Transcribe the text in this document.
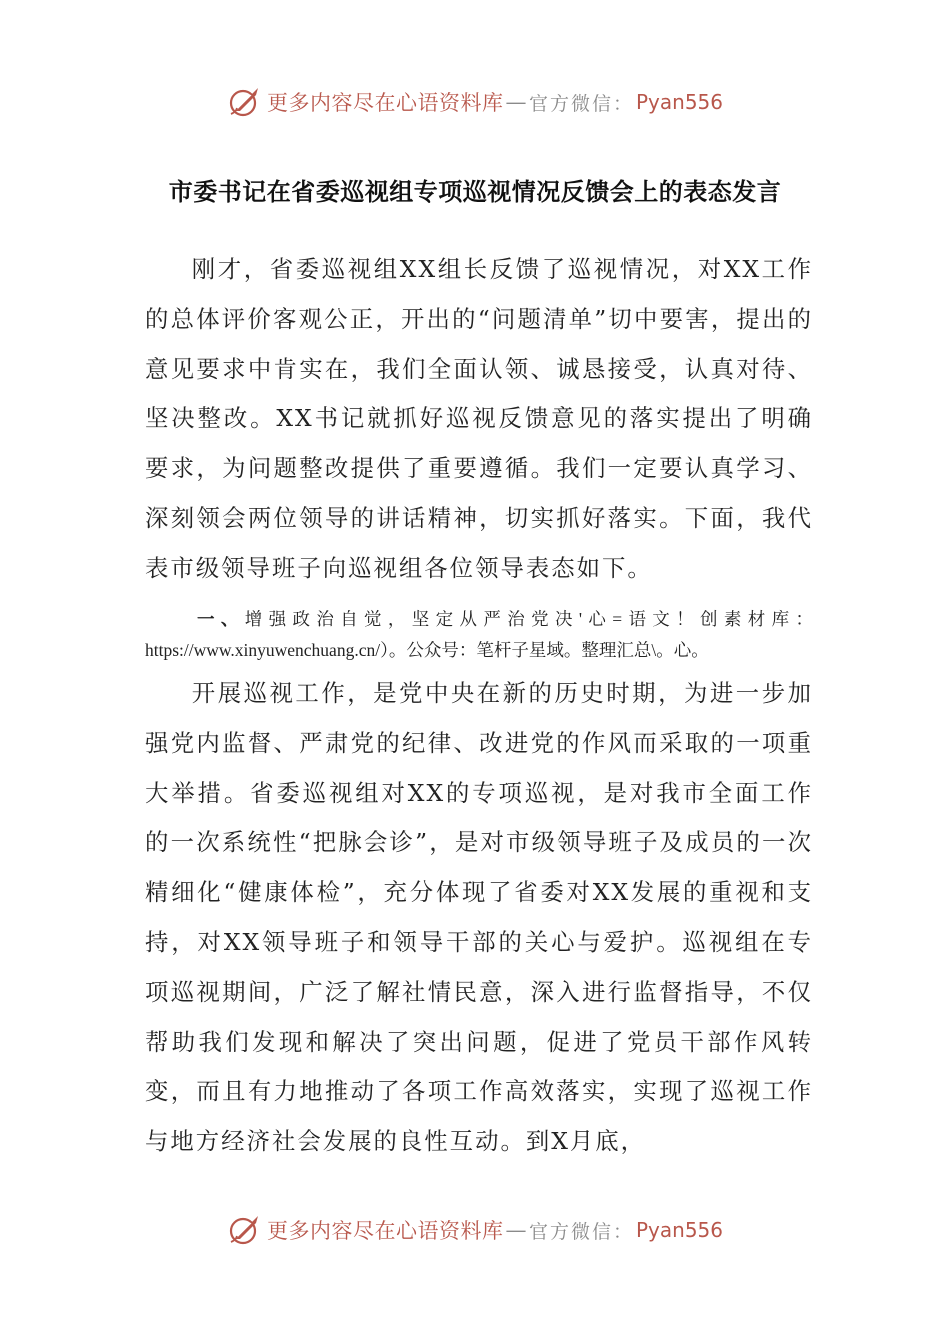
更多内容尽在心语资料库 — 官方微信： Pyan556
市委书记在省委巡视组专项巡视情况反馈会上的表态发言

刚才，省委巡视组XX组长反馈了巡视情况，对XX工作的总体评价客观公正，开出的“问题清单”切中要害，提出的意见要求中肯实在，我们全面认领、诚恳接受，认真对待、坚决整改。XX书记就抓好巡视反馈意见的落实提出了明确要求，为问题整改提供了重要遵循。我们一定要认真学习、深刻领会两位领导的讲话精神，切实抓好落实。下面，我代表市级领导班子向巡视组各位领导表态如下。

一、增强政治自觉，坚定从严治党决'心=语文！创素材库：https://www.xinyuwenchuang.cn/）。公众号：笔杆子星域。整理汇总\。心。

开展巡视工作，是党中央在新的历史时期，为进一步加强党内监督、严肃党的纪律、改进党的作风而采取的一项重大举措。省委巡视组对XX的专项巡视，是对我市全面工作的一次系统性“把脉会诊”，是对市级领导班子及成员的一次精细化“健康体检”，充分体现了省委对XX发展的重视和支持，对XX领导班子和领导干部的关心与爱护。巡视组在专项巡视期间，广泛了解社情民意，深入进行监督指导，不仅帮助我们发现和解决了突出问题，促进了党员干部作风转变，而且有力地推动了各项工作高效落实，实现了巡视工作与地方经济社会发展的良性互动。到X月底，

更多内容尽在心语资料库 — 官方微信： Pyan556
